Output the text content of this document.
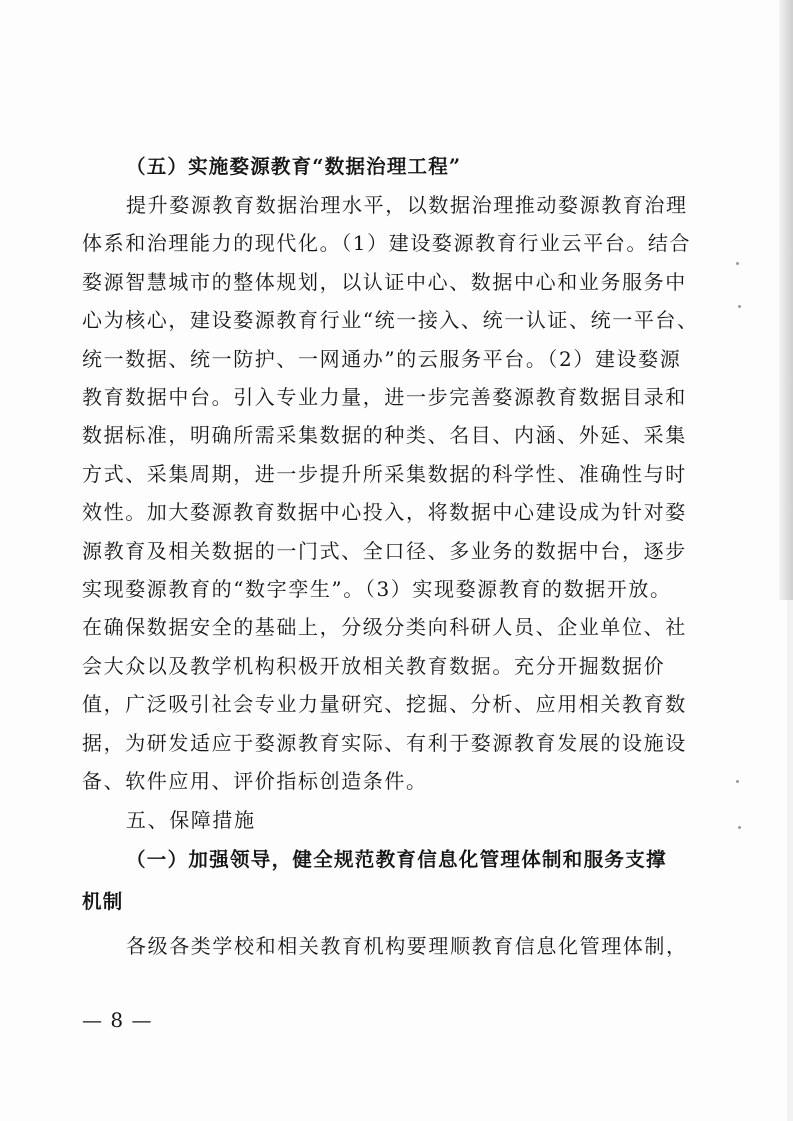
（五）实施婺源教育“数据治理工程”

提升婺源教育数据治理水平，以数据治理推动婺源教育治理

体系和治理能力的现代化。（1）建设婺源教育行业云平台。结合

婺源智慧城市的整体规划，以认证中心、数据中心和业务服务中

心为核心，建设婺源教育行业“统一接入、统一认证、统一平台、

统一数据、统一防护、一网通办”的云服务平台。（2）建设婺源

教育数据中台。引入专业力量，进一步完善婺源教育数据目录和

数据标准，明确所需采集数据的种类、名目、内涵、外延、采集

方式、采集周期，进一步提升所采集数据的科学性、准确性与时

效性。加大婺源教育数据中心投入，将数据中心建设成为针对婺

源教育及相关数据的一门式、全口径、多业务的数据中台，逐步

实现婺源教育的“数字孪生”。（3）实现婺源教育的数据开放。

在确保数据安全的基础上，分级分类向科研人员、企业单位、社

会大众以及教学机构积极开放相关教育数据。充分开掘数据价

值，广泛吸引社会专业力量研究、挖掘、分析、应用相关教育数

据，为研发适应于婺源教育实际、有利于婺源教育发展的设施设

备、软件应用、评价指标创造条件。

五、保障措施

（一）加强领导，健全规范教育信息化管理体制和服务支撑

机制

各级各类学校和相关教育机构要理顺教育信息化管理体制，

— 8 —
